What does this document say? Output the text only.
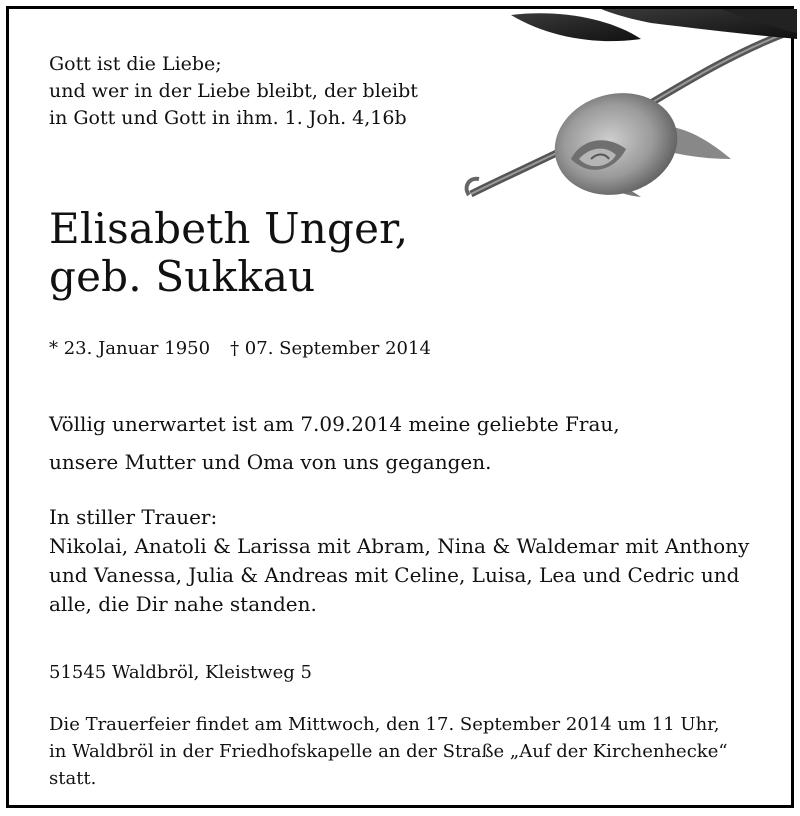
Gott ist die Liebe;
und wer in der Liebe bleibt, der bleibt
in Gott und Gott in ihm. 1. Joh. 4,16b
Elisabeth Unger,
geb. Sukkau
* 23. Januar 1950 † 07. September 2014
Völlig unerwartet ist am 7.09.2014 meine geliebte Frau,
unsere Mutter und Oma von uns gegangen.
In stiller Trauer:
Nikolai, Anatoli & Larissa mit Abram, Nina & Waldemar mit Anthony
und Vanessa, Julia & Andreas mit Celine, Luisa, Lea und Cedric und
alle, die Dir nahe standen.
51545 Waldbröl, Kleistweg 5
Die Trauerfeier findet am Mittwoch, den 17. September 2014 um 11 Uhr,
in Waldbröl in der Friedhofskapelle an der Straße „Auf der Kirchenhecke“
statt.
